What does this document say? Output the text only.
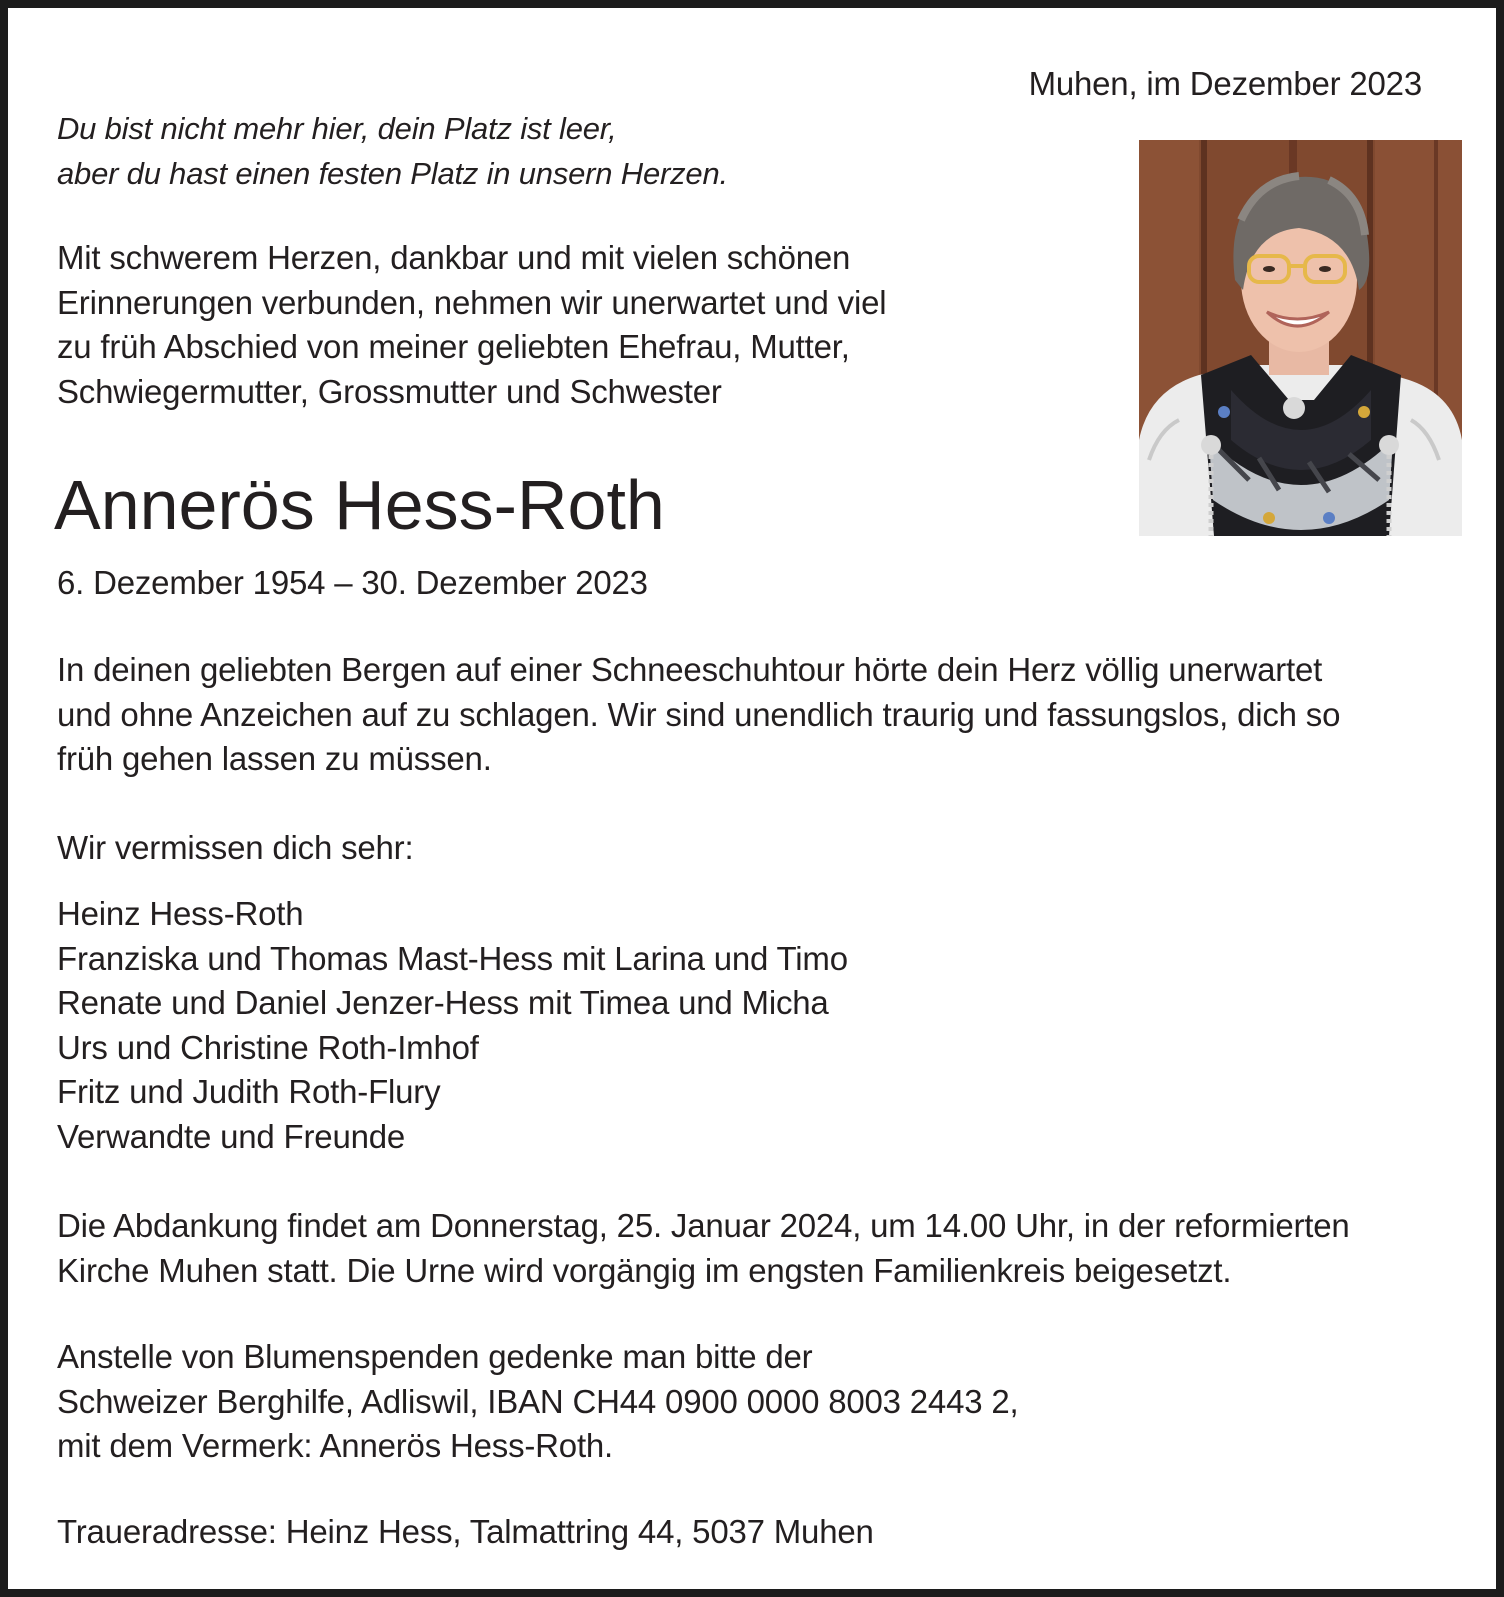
Muhen, im Dezember 2023
Du bist nicht mehr hier, dein Platz ist leer,
aber du hast einen festen Platz in unsern Herzen.
Mit schwerem Herzen, dankbar und mit vielen schönen
Erinnerungen verbunden, nehmen wir unerwartet und viel
zu früh Abschied von meiner geliebten Ehefrau, Mutter,
Schwiegermutter, Grossmutter und Schwester
Annerös Hess-Roth
6. Dezember 1954 – 30. Dezember 2023
In deinen geliebten Bergen auf einer Schneeschuhtour hörte dein Herz völlig unerwartet
und ohne Anzeichen auf zu schlagen. Wir sind unendlich traurig und fassungslos, dich so
früh gehen lassen zu müssen.
Wir vermissen dich sehr:
Heinz Hess-Roth
Franziska und Thomas Mast-Hess mit Larina und Timo
Renate und Daniel Jenzer-Hess mit Timea und Micha
Urs und Christine Roth-Imhof
Fritz und Judith Roth-Flury
Verwandte und Freunde
Die Abdankung findet am Donnerstag, 25. Januar 2024, um 14.00 Uhr, in der reformierten
Kirche Muhen statt. Die Urne wird vorgängig im engsten Familienkreis beigesetzt.
Anstelle von Blumenspenden gedenke man bitte der
Schweizer Berghilfe, Adliswil, IBAN CH44 0900 0000 8003 2443 2,
mit dem Vermerk: Annerös Hess-Roth.
Traueradresse: Heinz Hess, Talmattring 44, 5037 Muhen
